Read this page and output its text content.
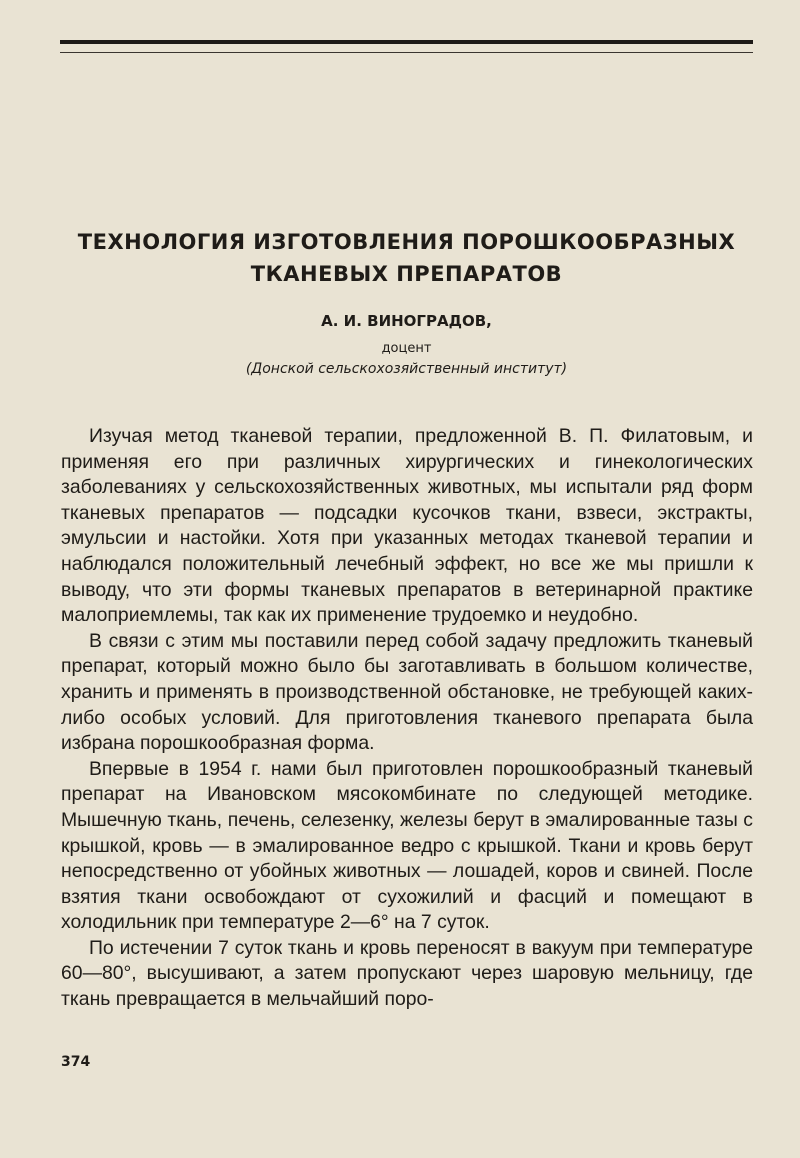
ТЕХНОЛОГИЯ ИЗГОТОВЛЕНИЯ ПОРОШКООБРАЗНЫХ ТКАНЕВЫХ ПРЕПАРАТОВ

А. И. ВИНОГРАДОВ,

доцент

(Донской сельскохозяйственный институт)

Изучая метод тканевой терапии, предложенной В. П. Филатовым, и применяя его при различных хирургических и гинекологических заболеваниях у сельскохозяйственных животных, мы испытали ряд форм тканевых препаратов — подсадки кусочков ткани, взвеси, экстракты, эмульсии и настойки. Хотя при указанных методах тканевой терапии и наблюдался положительный лечебный эффект, но все же мы пришли к выводу, что эти формы тканевых препаратов в ветеринарной практике малоприемлемы, так как их применение трудоемко и неудобно.

В связи с этим мы поставили перед собой задачу предложить тканевый препарат, который можно было бы заготавливать в большом количестве, хранить и применять в производственной обстановке, не требующей каких-либо особых условий. Для приготовления тканевого препарата была избрана порошкообразная форма.

Впервые в 1954 г. нами был приготовлен порошкообразный тканевый препарат на Ивановском мясокомбинате по следующей методике. Мышечную ткань, печень, селезенку, железы берут в эмалированные тазы с крышкой, кровь — в эмалированное ведро с крышкой. Ткани и кровь берут непосредственно от убойных животных — лошадей, коров и свиней. После взятия ткани освобождают от сухожилий и фасций и помещают в холодильник при температуре 2—6° на 7 суток.

По истечении 7 суток ткань и кровь переносят в вакуум при температуре 60—80°, высушивают, а затем пропускают через шаровую мельницу, где ткань превращается в мельчайший поро-

374
